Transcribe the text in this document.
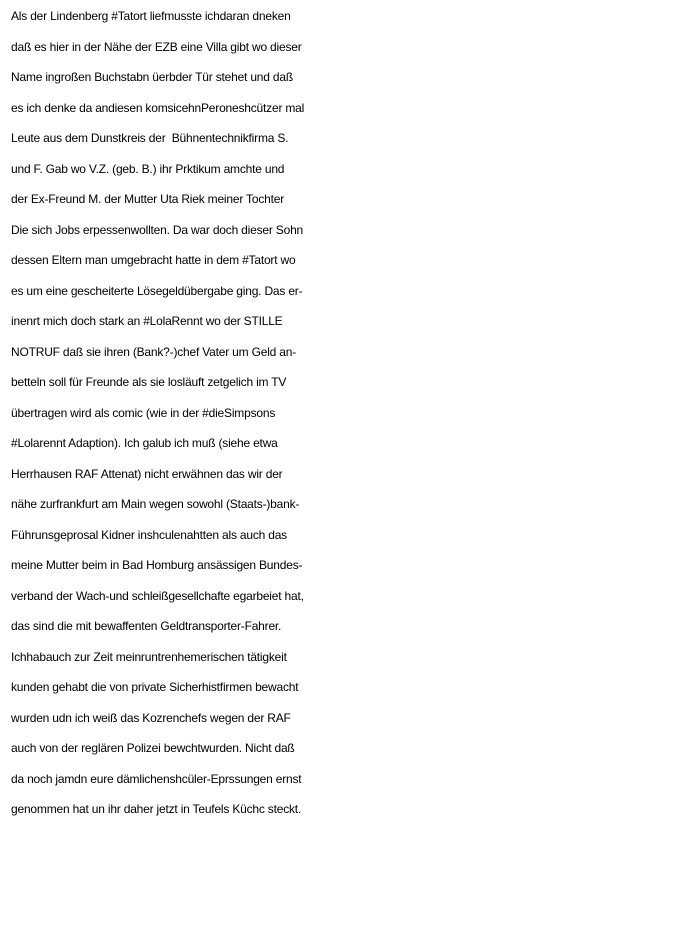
Als der Lindenberg #Tatort liefmusste ichdaran dneken
daß es hier in der Nähe der EZB eine Villa gibt wo dieser
Name ingroßen Buchstabn üerbder Tür stehet und daß
es ich denke da andiesen komsicehnPeroneshcützer mal
Leute aus dem Dunstkreis der  Bühnentechnikfirma S.
und F. Gab wo V.Z. (geb. B.) ihr Prktikum amchte und
der Ex-Freund M. der Mutter Uta Riek meiner Tochter
Die sich Jobs erpessenwollten. Da war doch dieser Sohn
dessen Eltern man umgebracht hatte in dem #Tatort wo
es um eine gescheiterte Lösegeldübergabe ging. Das er-
inenrt mich doch stark an #LolaRennt wo der STILLE
NOTRUF daß sie ihren (Bank?-)chef Vater um Geld an-
betteln soll für Freunde als sie losläuft zetgelich im TV
übertragen wird als comic (wie in der #dieSimpsons
#Lolarennt Adaption). Ich galub ich muß (siehe etwa
Herrhausen RAF Attenat) nicht erwähnen das wir der
nähe zurfrankfurt am Main wegen sowohl (Staats-)bank-
Führunsgeprosal Kidner inshculenahtten als auch das
meine Mutter beim in Bad Homburg ansässigen Bundes-
verband der Wach-und schleißgesellchafte egarbeiet hat,
das sind die mit bewaffenten Geldtransporter-Fahrer.
Ichhabauch zur Zeit meinruntrenhemerischen tätigkeit
kunden gehabt die von private Sicherhistfirmen bewacht
wurden udn ich weiß das Kozrenchefs wegen der RAF
auch von der reglären Polizei bewchtwurden. Nicht daß
da noch jamdn eure dämlichenshcüler-Eprssungen ernst
genommen hat un ihr daher jetzt in Teufels Küchc steckt.
